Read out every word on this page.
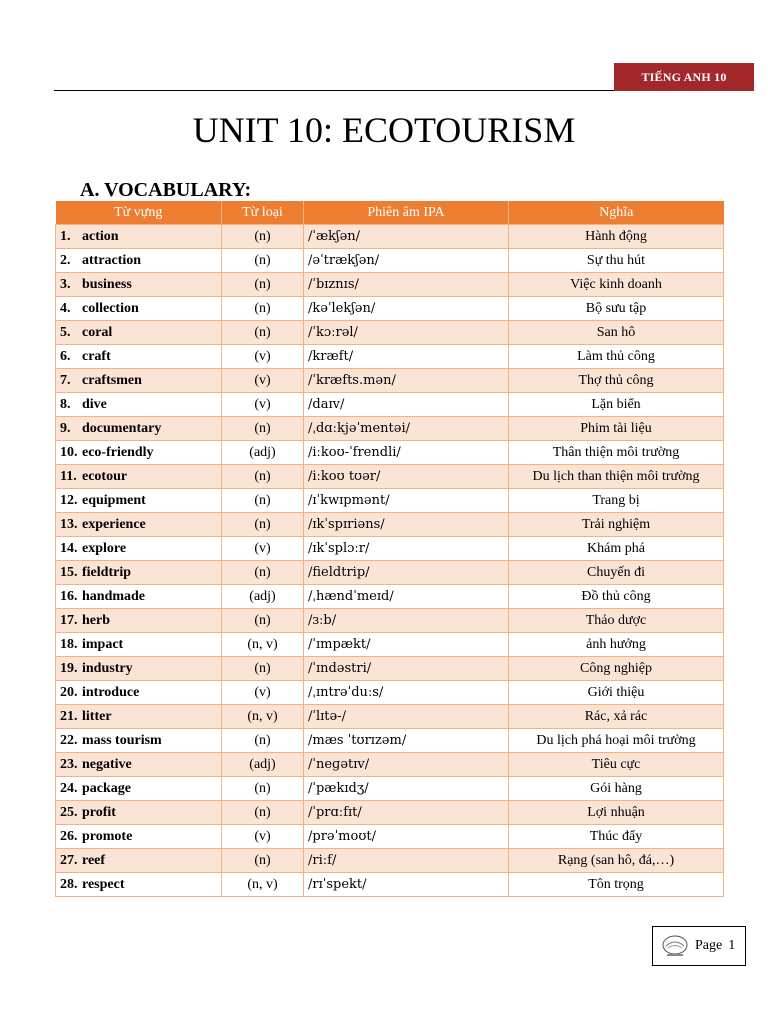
TIẾNG ANH 10
UNIT 10: ECOTOURISM
A. VOCABULARY:
Từ vựng	Từ loại	Phiên âm IPA	Nghĩa
1. action	(n)	/ˈækʃən/	Hành động
2. attraction	(n)	/əˈtrækʃən/	Sự thu hút
3. business	(n)	/ˈbɪznɪs/	Việc kinh doanh
4. collection	(n)	/kəˈlekʃən/	Bộ sưu tập
5. coral	(n)	/ˈkɔːrəl/	San hô
6. craft	(v)	/kræft/	Làm thủ công
7. craftsmen	(v)	/ˈkræfts.mən/	Thợ thủ công
8. dive	(v)	/daɪv/	Lặn biển
9. documentary	(n)	/ˌdɑːkjəˈmentəi/	Phim tài liệu
10. eco-friendly	(adj)	/iːkoʊ-ˈfrendli/	Thân thiện môi trường
11. ecotour	(n)	/iːkoʊ tʊər/	Du lịch than thiện môi trường
12. equipment	(n)	/ɪˈkwɪpmənt/	Trang bị
13. experience	(n)	/ɪkˈspɪriəns/	Trải nghiệm
14. explore	(v)	/ɪkˈsplɔːr/	Khám phá
15. fieldtrip	(n)	/fieldtrip/	Chuyến đi
16. handmade	(adj)	/ˌhændˈmeɪd/	Đồ thủ công
17. herb	(n)	/ɜːb/	Thảo dược
18. impact	(n, v)	/ˈɪmpækt/	ảnh hưởng
19. industry	(n)	/ˈɪndəstri/	Công nghiệp
20. introduce	(v)	/ˌɪntrəˈduːs/	Giới thiệu
21. litter	(n, v)	/ˈlɪtə-/	Rác, xả rác
22. mass tourism	(n)	/mæs ˈtʊrɪzəm/	Du lịch phá hoại môi trường
23. negative	(adj)	/ˈneɡətɪv/	Tiêu cực
24. package	(n)	/ˈpækɪdʒ/	Gói hàng
25. profit	(n)	/ˈprɑːfɪt/	Lợi nhuận
26. promote	(v)	/prəˈmoʊt/	Thúc đẩy
27. reef	(n)	/riːf/	Rạng (san hô, đá,…)
28. respect	(n, v)	/rɪˈspekt/	Tôn trọng
Page 1
